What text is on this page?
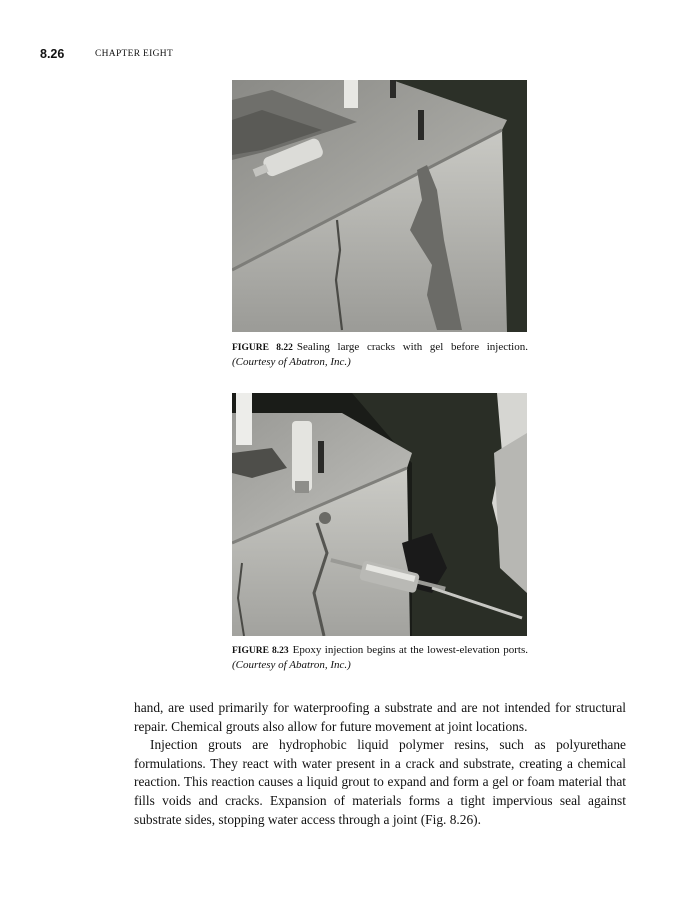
8.26	CHAPTER EIGHT
FIGURE 8.22 Sealing large cracks with gel before injection. (Courtesy of Abatron, Inc.)
FIGURE 8.23 Epoxy injection begins at the lowest-elevation ports. (Courtesy of Abatron, Inc.)

hand, are used primarily for waterproofing a substrate and are not intended for structural repair. Chemical grouts also allow for future movement at joint locations.

Injection grouts are hydrophobic liquid polymer resins, such as polyurethane formulations. They react with water present in a crack and substrate, creating a chemical reaction. This reaction causes a liquid grout to expand and form a gel or foam material that fills voids and cracks. Expansion of materials forms a tight impervious seal against substrate sides, stopping water access through a joint (Fig. 8.26).
